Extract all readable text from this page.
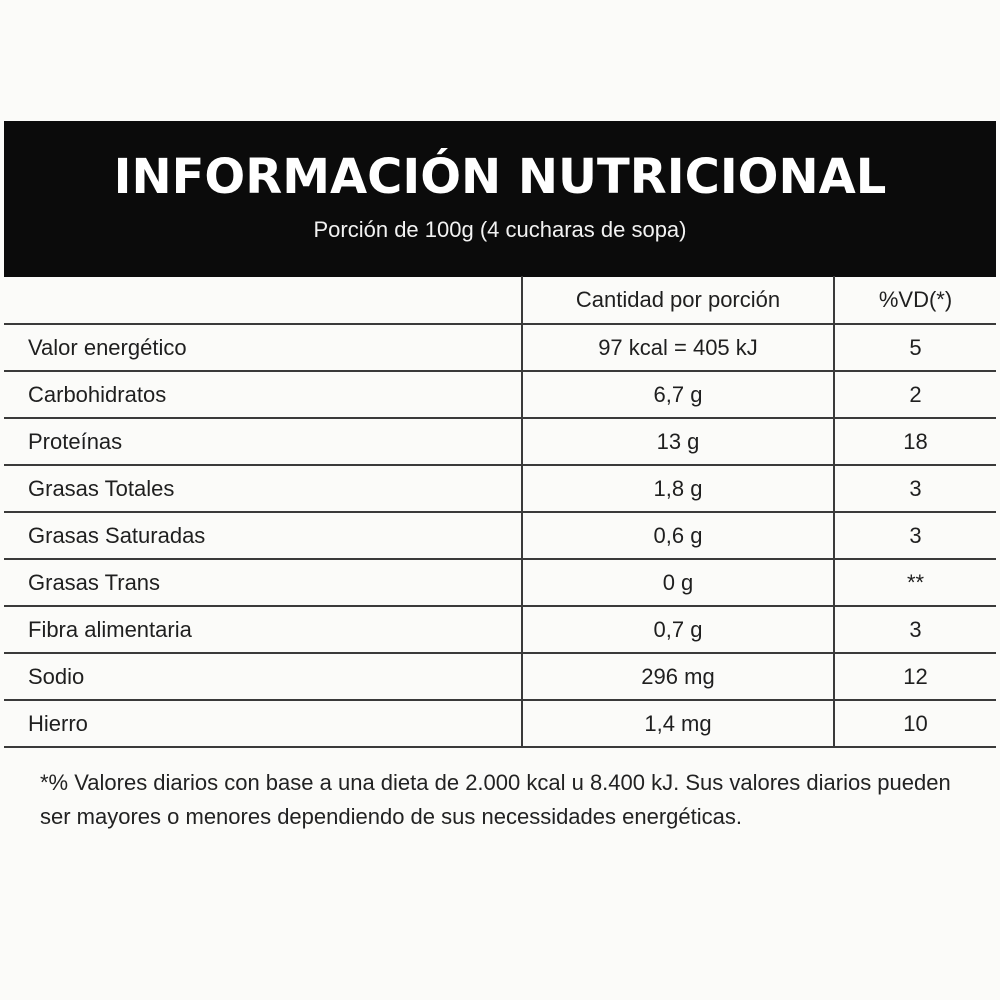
INFORMACIÓN NUTRICIONAL
Porción de 100g (4 cucharas de sopa)
	Cantidad por porción	%VD(*)
Valor energético	97 kcal = 405 kJ	5
Carbohidratos	6,7 g	2
Proteínas	13 g	18
Grasas Totales	1,8 g	3
Grasas Saturadas	0,6 g	3
Grasas Trans	0 g	**
Fibra alimentaria	0,7 g	3
Sodio	296 mg	12
Hierro	1,4 mg	10
*% Valores diarios con base a una dieta de 2.000 kcal u 8.400 kJ. Sus valores diarios pueden ser mayores o menores dependiendo de sus necessidades energéticas.
